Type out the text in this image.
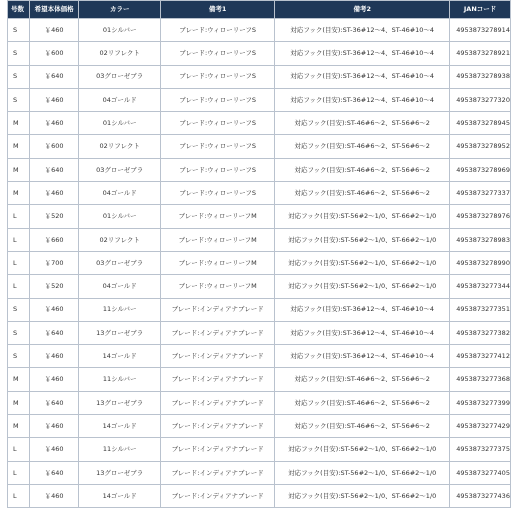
号数	希望本体価格	カラー	備考1	備考2	JANコード
S	￥460	01シルバー	ブレード:ウィローリーフS	対応フック(目安):ST-36#12～4、ST-46#10～4	4953873278914
S	￥600	02リフレクト	ブレード:ウィローリーフS	対応フック(目安):ST-36#12～4、ST-46#10～4	4953873278921
S	￥640	03グローゼブラ	ブレード:ウィローリーフS	対応フック(目安):ST-36#12～4、ST-46#10～4	4953873278938
S	￥460	04ゴールド	ブレード:ウィローリーフS	対応フック(目安):ST-36#12～4、ST-46#10～4	4953873277320
M	￥460	01シルバー	ブレード:ウィローリーフS	対応フック(目安):ST-46#6～2、ST-56#6～2	4953873278945
M	￥600	02リフレクト	ブレード:ウィローリーフS	対応フック(目安):ST-46#6～2、ST-56#6～2	4953873278952
M	￥640	03グローゼブラ	ブレード:ウィローリーフS	対応フック(目安):ST-46#6～2、ST-56#6～2	4953873278969
M	￥460	04ゴールド	ブレード:ウィローリーフS	対応フック(目安):ST-46#6～2、ST-56#6～2	4953873277337
L	￥520	01シルバー	ブレード:ウィローリーフM	対応フック(目安):ST-56#2～1/0、ST-66#2～1/0	4953873278976
L	￥660	02リフレクト	ブレード:ウィローリーフM	対応フック(目安):ST-56#2～1/0、ST-66#2～1/0	4953873278983
L	￥700	03グローゼブラ	ブレード:ウィローリーフM	対応フック(目安):ST-56#2～1/0、ST-66#2～1/0	4953873278990
L	￥520	04ゴールド	ブレード:ウィローリーフM	対応フック(目安):ST-56#2～1/0、ST-66#2～1/0	4953873277344
S	￥460	11シルバー	ブレード:インディアナブレード	対応フック(目安):ST-36#12～4、ST-46#10～4	4953873277351
S	￥640	13グローゼブラ	ブレード:インディアナブレード	対応フック(目安):ST-36#12～4、ST-46#10～4	4953873277382
S	￥460	14ゴールド	ブレード:インディアナブレード	対応フック(目安):ST-36#12～4、ST-46#10～4	4953873277412
M	￥460	11シルバー	ブレード:インディアナブレード	対応フック(目安):ST-46#6～2、ST-56#6～2	4953873277368
M	￥640	13グローゼブラ	ブレード:インディアナブレード	対応フック(目安):ST-46#6～2、ST-56#6～2	4953873277399
M	￥460	14ゴールド	ブレード:インディアナブレード	対応フック(目安):ST-46#6～2、ST-56#6～2	4953873277429
L	￥460	11シルバー	ブレード:インディアナブレード	対応フック(目安):ST-56#2～1/0、ST-66#2～1/0	4953873277375
L	￥640	13グローゼブラ	ブレード:インディアナブレード	対応フック(目安):ST-56#2～1/0、ST-66#2～1/0	4953873277405
L	￥460	14ゴールド	ブレード:インディアナブレード	対応フック(目安):ST-56#2～1/0、ST-66#2～1/0	4953873277436
